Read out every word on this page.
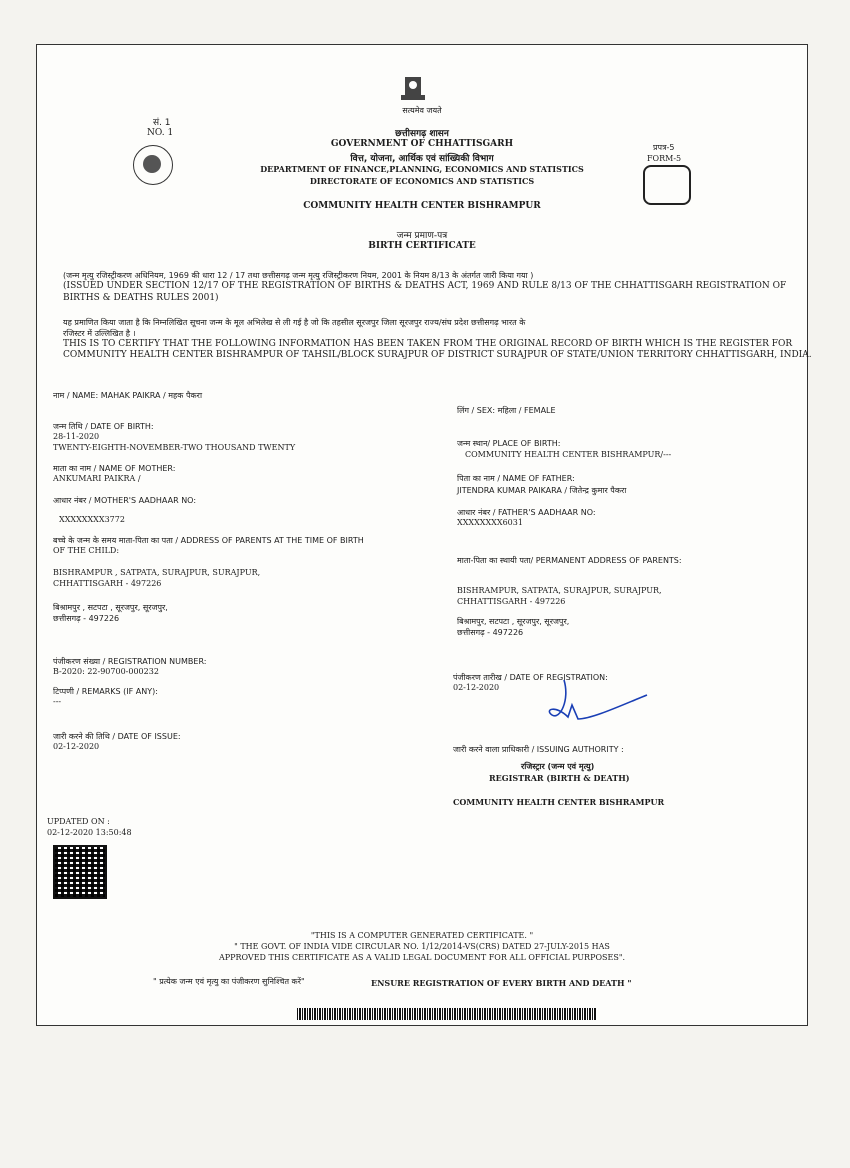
सत्यमेव जयते
सं. 1
NO. 1	छत्तीसगढ़ शासन
GOVERNMENT OF CHHATTISGARH
वित्त, योजना, आर्थिक एवं सांख्यिकी विभाग
DEPARTMENT OF FINANCE,PLANNING, ECONOMICS AND STATISTICS
DIRECTORATE OF ECONOMICS AND STATISTICS
प्रपत्र-5
FORM-5
COMMUNITY HEALTH CENTER BISHRAMPUR
जन्म प्रमाण-पत्र
BIRTH CERTIFICATE
(जन्म मृत्यु रजिस्ट्रीकरण अधिनियम, 1969 की धारा 12 / 17 तथा छत्तीसगढ़ जन्म मृत्यु रजिस्ट्रीकरण नियम, 2001 के नियम 8/13 के अंतर्गत जारी किया गया )
(ISSUED UNDER SECTION 12/17 OF THE REGISTRATION OF BIRTHS & DEATHS ACT, 1969 AND RULE 8/13 OF THE CHHATTISGARH REGISTRATION OF
BIRTHS & DEATHS RULES 2001)
यह प्रमाणित किया जाता है कि निम्नलिखित सूचना जन्म के मूल अभिलेख से ली गई है जो कि तहसील सूरजपुर जिला सूरजपुर राज्य/संघ प्रदेश छत्तीसगढ़ भारत के
रजिस्टर में उल्लिखित है ।
THIS IS TO CERTIFY THAT THE FOLLOWING INFORMATION HAS BEEN TAKEN FROM THE ORIGINAL RECORD OF BIRTH WHICH IS THE REGISTER FOR
COMMUNITY HEALTH CENTER BISHRAMPUR OF TAHSIL/BLOCK SURAJPUR OF DISTRICT SURAJPUR OF STATE/UNION TERRITORY CHHATTISGARH, INDIA.
नाम / NAME: MAHAK PAIKRA / महक पैकरा
जन्म तिथि / DATE OF BIRTH:
28-11-2020
TWENTY-EIGHTH-NOVEMBER-TWO THOUSAND TWENTY
माता का नाम / NAME OF MOTHER:
ANKUMARI PAIKRA /
आधार नंबर / MOTHER'S AADHAAR NO:
XXXXXXXX3772
बच्चे के जन्म के समय माता-पिता का पता / ADDRESS OF PARENTS AT THE TIME OF BIRTH
OF THE CHILD:
BISHRAMPUR , SATPATA, SURAJPUR, SURAJPUR,
CHHATTISGARH - 497226
बिश्रामपुर , सटपटा , सूरजपुर, सूरजपुर,
छत्तीसगढ़ - 497226
पंजीकरण संख्या / REGISTRATION NUMBER:
B-2020: 22-90700-000232
टिप्पणी / REMARKS (IF ANY):
---
जारी करने की तिथि / DATE OF ISSUE:
02-12-2020
लिंग / SEX: महिला / FEMALE
जन्म स्थान/ PLACE OF BIRTH:
COMMUNITY HEALTH CENTER BISHRAMPUR/---
पिता का नाम / NAME OF FATHER:
JITENDRA KUMAR PAIKARA / जितेन्द्र कुमार पैकरा
आधार नंबर / FATHER'S AADHAAR NO:
XXXXXXXX6031
माता-पिता का स्थायी पता/ PERMANENT ADDRESS OF PARENTS:
BISHRAMPUR, SATPATA, SURAJPUR, SURAJPUR,
CHHATTISGARH - 497226
बिश्रामपुर, सटपटा , सूरजपुर, सूरजपुर,
छत्तीसगढ़ - 497226
पंजीकरण तारीख / DATE OF REGISTRATION:
02-12-2020
जारी करने वाला प्राधिकारी / ISSUING AUTHORITY :
रजिस्ट्रार (जन्म एवं मृत्यु)
REGISTRAR (BIRTH & DEATH)
COMMUNITY HEALTH CENTER BISHRAMPUR
UPDATED ON :
02-12-2020 13:50:48
"THIS IS A COMPUTER GENERATED CERTIFICATE. "
" THE GOVT. OF INDIA VIDE CIRCULAR NO. 1/12/2014-VS(CRS) DATED 27-JULY-2015 HAS
APPROVED THIS CERTIFICATE AS A VALID LEGAL DOCUMENT FOR ALL OFFICIAL PURPOSES".
" प्रत्येक जन्म एवं मृत्यु का पंजीकरण सुनिश्चित करें"	ENSURE REGISTRATION OF EVERY BIRTH AND DEATH "
